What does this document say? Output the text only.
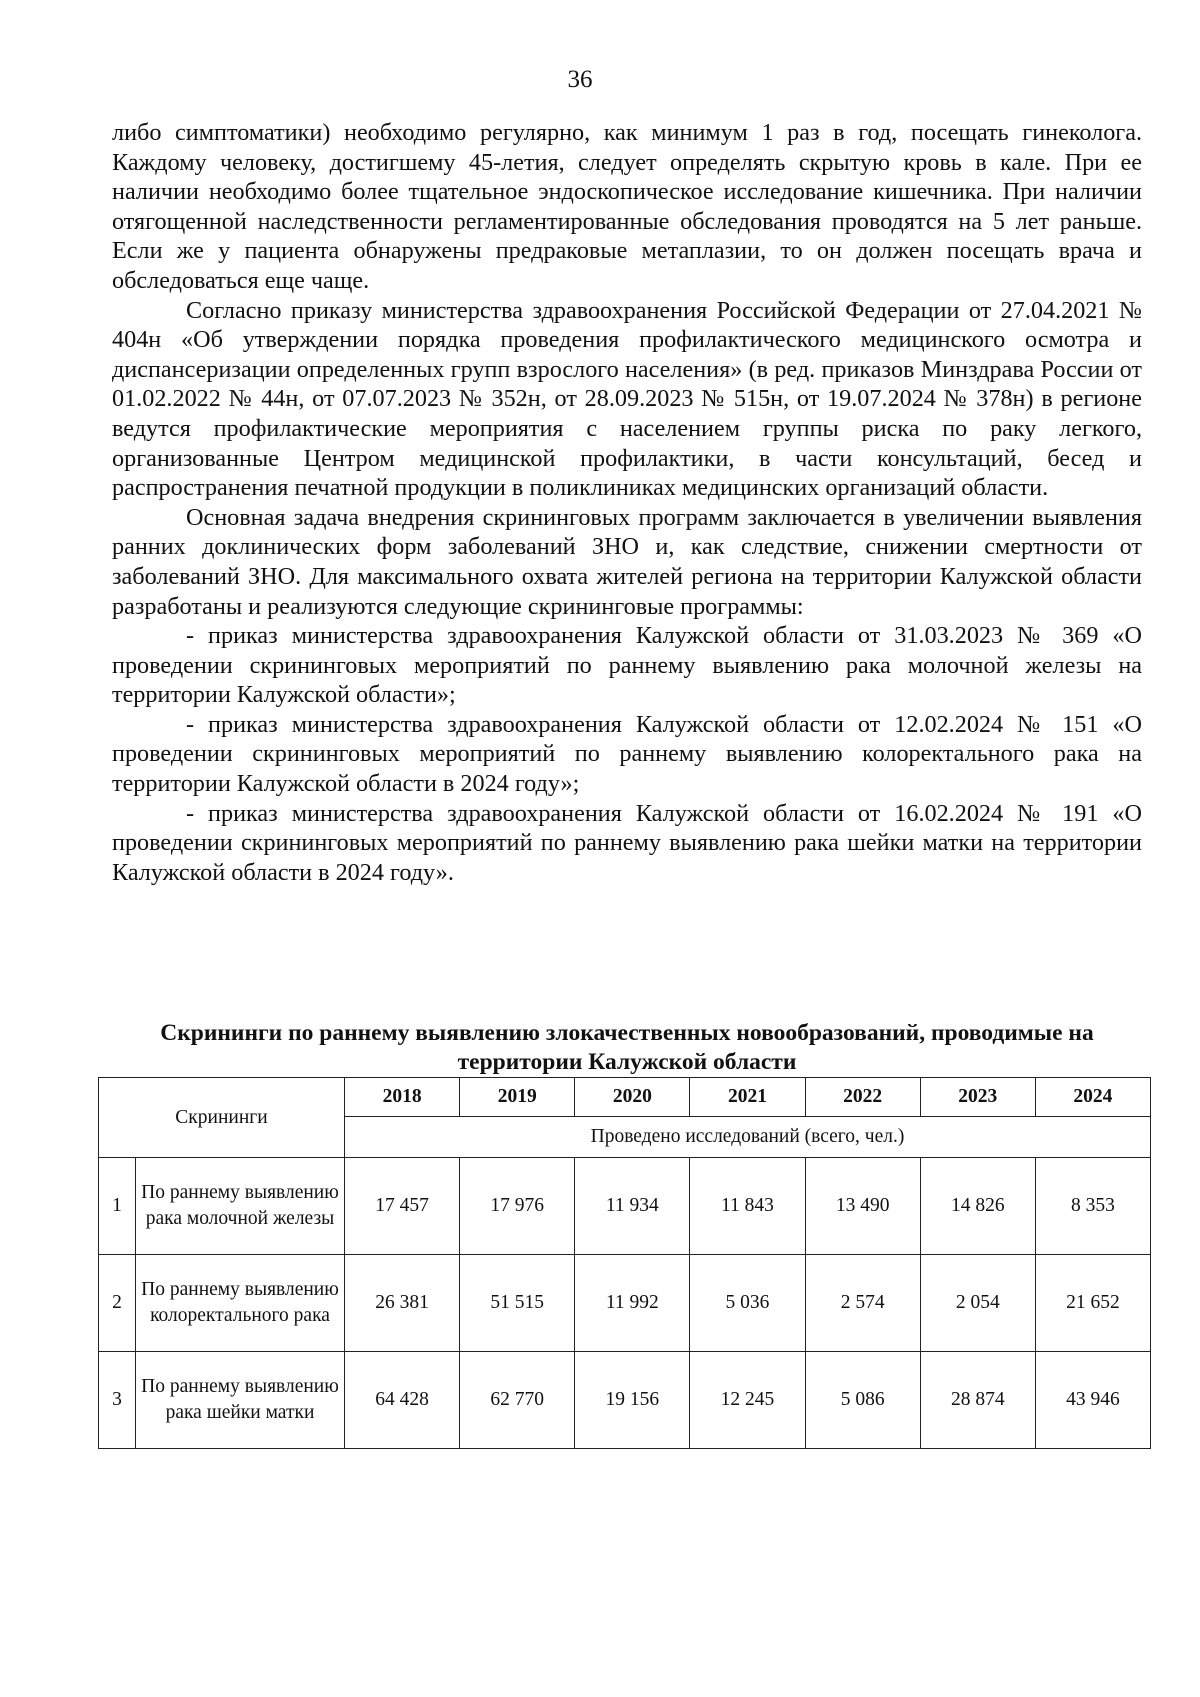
36

либо симптоматики) необходимо регулярно, как минимум 1 раз в год, посещать гинеколога. Каждому человеку, достигшему 45-летия, следует определять скрытую кровь в кале. При ее наличии необходимо более тщательное эндоскопическое исследование кишечника. При наличии отягощенной наследственности регламентированные обследования проводятся на 5 лет раньше. Если же у пациента обнаружены предраковые метаплазии, то он должен посещать врача и обследоваться еще чаще.

Согласно приказу министерства здравоохранения Российской Федерации от 27.04.2021 № 404н «Об утверждении порядка проведения профилактического медицинского осмотра и диспансеризации определенных групп взрослого населения» (в ред. приказов Минздрава России от 01.02.2022 № 44н, от 07.07.2023 № 352н, от 28.09.2023 № 515н, от 19.07.2024 № 378н) в регионе ведутся профилактические мероприятия с населением группы риска по раку легкого, организованные Центром медицинской профилактики, в части консультаций, бесед и распространения печатной продукции в поликлиниках медицинских организаций области.

Основная задача внедрения скрининговых программ заключается в увеличении выявления ранних доклинических форм заболеваний ЗНО и, как следствие, снижении смертности от заболеваний ЗНО. Для максимального охвата жителей региона на территории Калужской области разработаны и реализуются следующие скрининговые программы:

- приказ министерства здравоохранения Калужской области от 31.03.2023 № 369 «О проведении скрининговых мероприятий по раннему выявлению рака молочной железы на территории Калужской области»;

- приказ министерства здравоохранения Калужской области от 12.02.2024 № 151 «О проведении скрининговых мероприятий по раннему выявлению колоректального рака на территории Калужской области в 2024 году»;

- приказ министерства здравоохранения Калужской области от 16.02.2024 № 191 «О проведении скрининговых мероприятий по раннему выявлению рака шейки матки на территории Калужской области в 2024 году».

Скрининги по раннему выявлению злокачественных новообразований, проводимые на территории Калужской области
Скрининги		2018	2019	2020	2021	2022	2023	2024
		Проведено исследований (всего, чел.)						
1	По раннему выявлению рака молочной железы	17 457	17 976	11 934	11 843	13 490	14 826	8 353
2	По раннему выявлению колоректального рака	26 381	51 515	11 992	5 036	2 574	2 054	21 652
3	По раннему выявлению рака шейки матки	64 428	62 770	19 156	12 245	5 086	28 874	43 946
